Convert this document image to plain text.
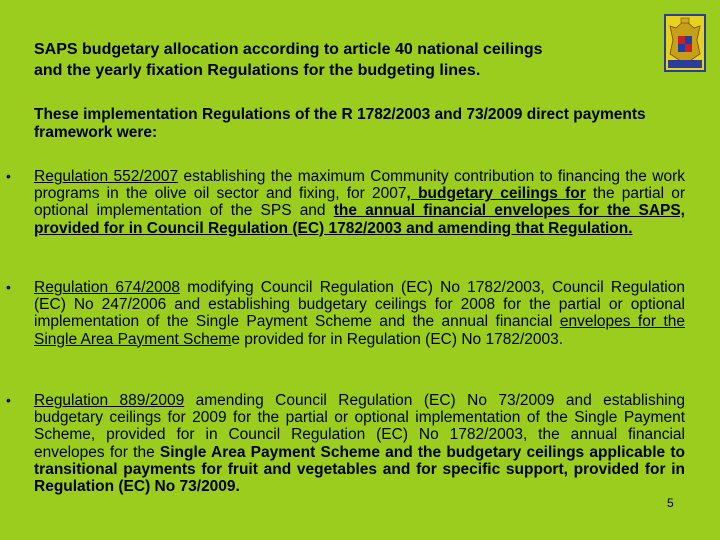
SAPS budgetary allocation according to article 40 national ceilings
and the yearly fixation Regulations for the budgeting lines.
These implementation Regulations of the R 1782/2003 and 73/2009 direct payments framework were:
• Regulation 552/2007 establishing the maximum Community contribution to financing the work programs in the olive oil sector and fixing, for 2007, budgetary ceilings for the partial or optional implementation of the SPS and the annual financial envelopes for the SAPS, provided for in Council Regulation (EC) 1782/2003 and amending that Regulation.
• Regulation 674/2008 modifying Council Regulation (EC) No 1782/2003, Council Regulation (EC) No 247/2006 and establishing budgetary ceilings for 2008 for the partial or optional implementation of the Single Payment Scheme and the annual financial envelopes for the Single Area Payment Scheme provided for in Regulation (EC) No 1782/2003.
• Regulation 889/2009 amending Council Regulation (EC) No 73/2009 and establishing budgetary ceilings for 2009 for the partial or optional implementation of the Single Payment Scheme, provided for in Council Regulation (EC) No 1782/2003, the annual financial envelopes for the Single Area Payment Scheme and the budgetary ceilings applicable to transitional payments for fruit and vegetables and for specific support, provided for in Regulation (EC) No 73/2009.
5
